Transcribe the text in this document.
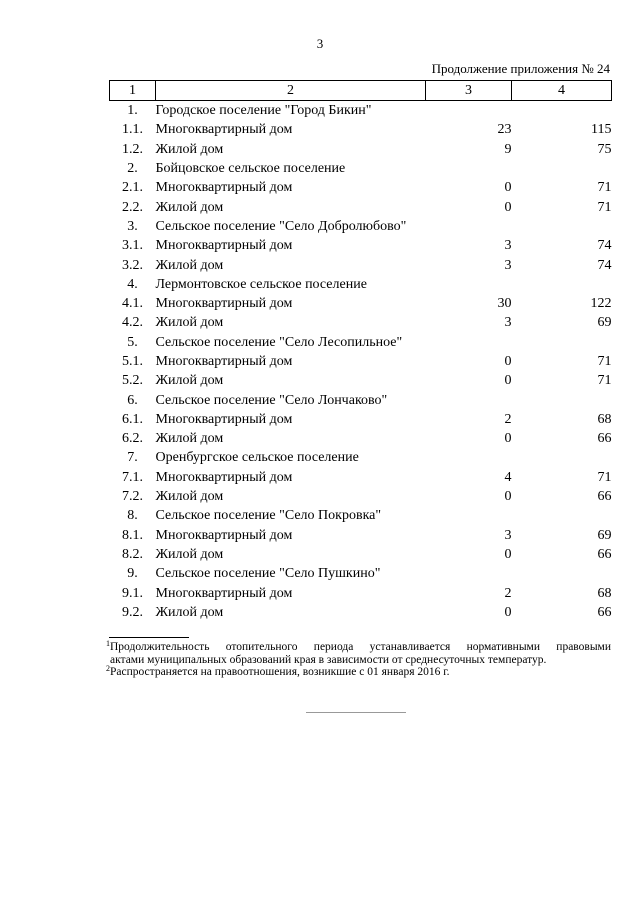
3
Продолжение приложения № 24
1	2	3	4
1.	Городское поселение "Город Бикин"		
1.1.	Многоквартирный дом	23	115
1.2.	Жилой дом	9	75
2.	Бойцовское сельское поселение		
2.1.	Многоквартирный дом	0	71
2.2.	Жилой дом	0	71
3.	Сельское поселение "Село Добролюбово"		
3.1.	Многоквартирный дом	3	74
3.2.	Жилой дом	3	74
4.	Лермонтовское сельское поселение		
4.1.	Многоквартирный дом	30	122
4.2.	Жилой дом	3	69
5.	Сельское поселение "Село Лесопильное"		
5.1.	Многоквартирный дом	0	71
5.2.	Жилой дом	0	71
6.	Сельское поселение "Село Лончаково"		
6.1.	Многоквартирный дом	2	68
6.2.	Жилой дом	0	66
7.	Оренбургское сельское поселение		
7.1.	Многоквартирный дом	4	71
7.2.	Жилой дом	0	66
8.	Сельское поселение "Село Покровка"		
8.1.	Многоквартирный дом	3	69
8.2.	Жилой дом	0	66
9.	Сельское поселение "Село Пушкино"		
9.1.	Многоквартирный дом	2	68
9.2.	Жилой дом	0	66

$^1$Продолжительность отопительного периода устанавливается нормативными правовыми

актами муниципальных образований края в зависимости от среднесуточных температур.

$^2$Распространяется на правоотношения, возникшие с 01 января 2016 г.
